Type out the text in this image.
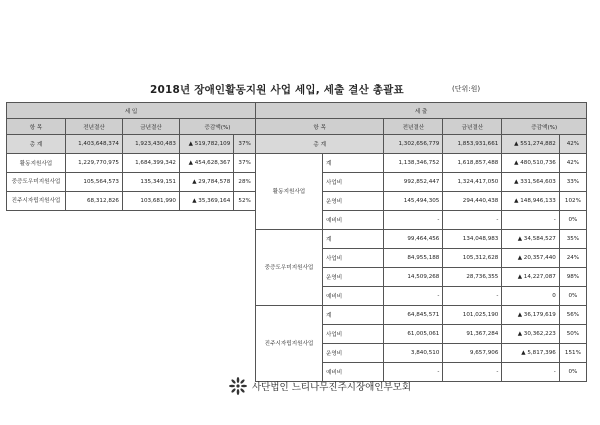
2018년 장애인활동지원 사업 세입, 세출 결산 총괄표	(단위:원)
세 입				
항 목	전년결산	금년결산	증감액(%)	
총 계	1,403,648,374	1,923,430,483	▲ 519,782,109	37%
활동지원사업	1,229,770,975	1,684,399,342	▲ 454,628,367	37%
중증도우미지원사업	105,564,573	135,349,151	▲ 29,784,578	28%
진주시자립지원사업	68,312,826	103,681,990	▲ 35,369,164	52%
세 출					
항 목		전년결산	금년결산	증감액(%)	
총 계		1,302,656,779	1,853,931,661	▲ 551,274,882	42%
활동지원사업	계	1,138,346,752	1,618,857,488	▲ 480,510,736	42%
	사업비	992,852,447	1,324,417,050	▲ 331,564,603	33%
	운영비	145,494,305	294,440,438	▲ 148,946,133	102%
	예비비	-	-	-	0%
중증도우미지원사업	계	99,464,456	134,048,983	▲ 34,584,527	35%
	사업비	84,955,188	105,312,628	▲ 20,357,440	24%
	운영비	14,509,268	28,736,355	▲ 14,227,087	98%
	예비비	-	-	0	0%
진주시자립지원사업	계	64,845,571	101,025,190	▲ 36,179,619	56%
	사업비	61,005,061	91,367,284	▲ 30,362,223	50%
	운영비	3,840,510	9,657,906	▲ 5,817,396	151%
	예비비	-	-	-	0%
사단법인 느티나무진주시장애인부모회
